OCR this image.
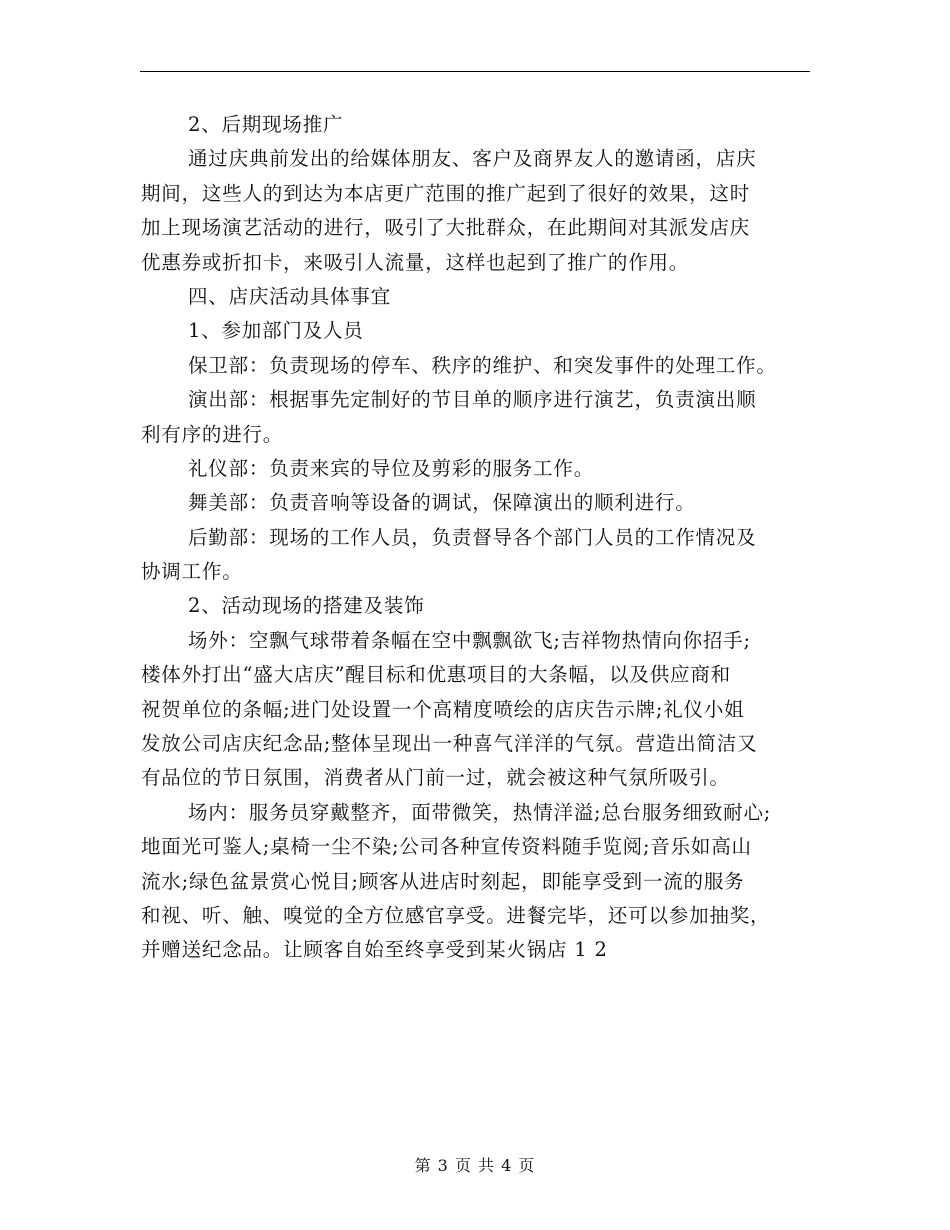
2、后期现场推广
通过庆典前发出的给媒体朋友、客户及商界友人的邀请函，店庆
期间，这些人的到达为本店更广范围的推广起到了很好的效果，这时
加上现场演艺活动的进行，吸引了大批群众，在此期间对其派发店庆
优惠券或折扣卡，来吸引人流量，这样也起到了推广的作用。
四、店庆活动具体事宜
1、参加部门及人员
保卫部：负责现场的停车、秩序的维护、和突发事件的处理工作。
演出部：根据事先定制好的节目单的顺序进行演艺，负责演出顺
利有序的进行。
礼仪部：负责来宾的导位及剪彩的服务工作。
舞美部：负责音响等设备的调试，保障演出的顺利进行。
后勤部：现场的工作人员，负责督导各个部门人员的工作情况及
协调工作。
2、活动现场的搭建及装饰
场外：空飘气球带着条幅在空中飘飘欲飞;吉祥物热情向你招手;
楼体外打出“盛大店庆”醒目标和优惠项目的大条幅，以及供应商和
祝贺单位的条幅;进门处设置一个高精度喷绘的店庆告示牌;礼仪小姐
发放公司店庆纪念品;整体呈现出一种喜气洋洋的气氛。营造出简洁又
有品位的节日氛围，消费者从门前一过，就会被这种气氛所吸引。
场内：服务员穿戴整齐，面带微笑，热情洋溢;总台服务细致耐心;
地面光可鉴人;桌椅一尘不染;公司各种宣传资料随手览阅;音乐如高山
流水;绿色盆景赏心悦目;顾客从进店时刻起，即能享受到一流的服务
和视、听、触、嗅觉的全方位感官享受。进餐完毕，还可以参加抽奖，
并赠送纪念品。让顾客自始至终享受到某火锅店 1 2
第 3 页 共 4 页
